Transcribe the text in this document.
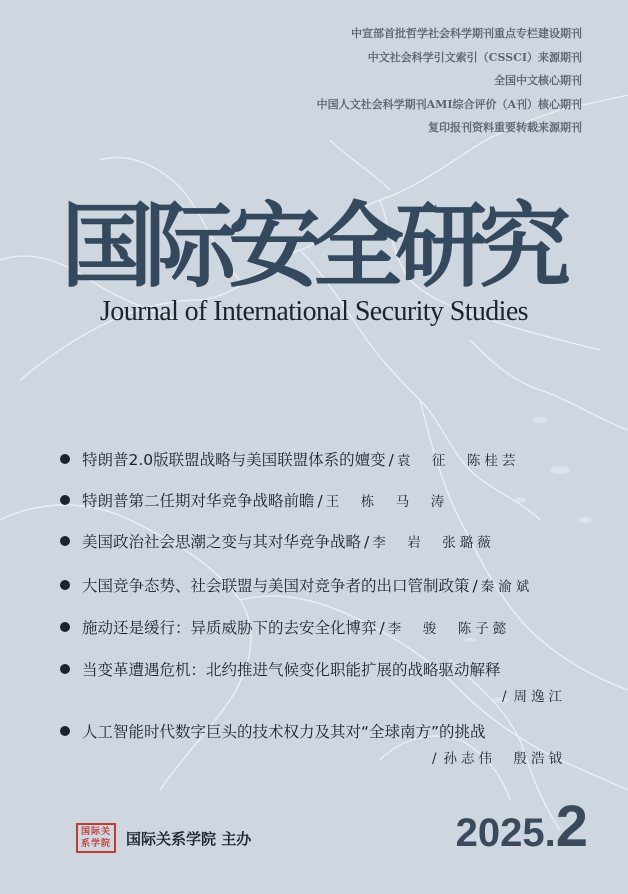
中宣部首批哲学社会科学期刊重点专栏建设期刊
中文社会科学引文索引（CSSCI）来源期刊
全国中文核心期刊
中国人文社会科学期刊AMI综合评价（A刊）核心期刊
复印报刊资料重要转载来源期刊
国际安全研究
Journal of International Security Studies
特朗普2.0版联盟战略与美国联盟体系的嬗变 / 袁　征　陈桂芸
特朗普第二任期对华竞争战略前瞻 / 王　栋　马　涛
美国政治社会思潮之变与其对华竞争战略 / 李　岩　张璐薇
大国竞争态势、社会联盟与美国对竞争者的出口管制政策 / 秦渝斌
施动还是缓行：异质威胁下的去安全化博弈 / 李　骏　陈子懿
当变革遭遇危机：北约推进气候变化职能扩展的战略驱动解释
/ 周逸江
人工智能时代数字巨头的技术权力及其对“全球南方”的挑战
/ 孙志伟　殷浩钺
国际关系学院	国际关系学院 主办	2025.2
